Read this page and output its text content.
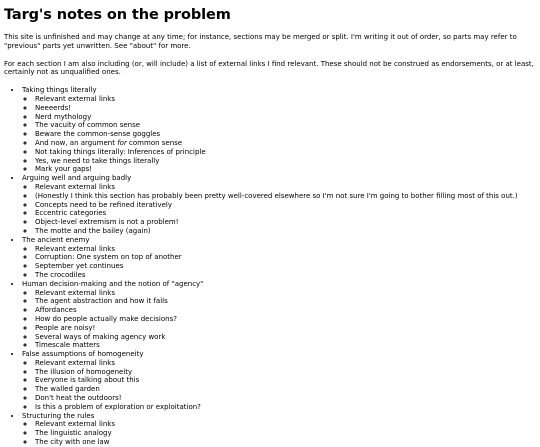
Targ's notes on the problem

This site is unfinished and may change at any time; for instance, sections may be merged or split. I'm writing it out of order, so parts may refer to
"previous" parts yet unwritten. See "about" for more.

For each section I am also including (or, will include) a list of external links I find relevant. These should not be construed as endorsements, or at least,
certainly not as unqualified ones.

• Taking things literally
◦ Relevant external links
◦ Neeeerds!
◦ Nerd mythology
◦ The vacuity of common sense
◦ Beware the common-sense goggles
◦ And now, an argument for common sense
◦ Not taking things literally: Inferences of principle
◦ Yes, we need to take things literally
◦ Mark your gaps!
• Arguing well and arguing badly
◦ Relevant external links
◦ (Honestly I think this section has probably been pretty well-covered elsewhere so I'm not sure I'm going to bother filling most of this out.)
◦ Concepts need to be refined iteratively
◦ Eccentric categories
◦ Object-level extremism is not a problem!
◦ The motte and the bailey (again)
• The ancient enemy
◦ Relevant external links
◦ Corruption: One system on top of another
◦ September yet continues
◦ The crocodiles
• Human decision-making and the notion of "agency"
◦ Relevant external links
◦ The agent abstraction and how it fails
◦ Affordances
◦ How do people actually make decisions?
◦ People are noisy!
◦ Several ways of making agency work
◦ Timescale matters
• False assumptions of homogeneity
◦ Relevant external links
◦ The illusion of homogeneity
◦ Everyone is talking about this
◦ The walled garden
◦ Don't heat the outdoors!
◦ Is this a problem of exploration or exploitation?
• Structuring the rules
◦ Relevant external links
◦ The linguistic analogy
◦ The city with one law
